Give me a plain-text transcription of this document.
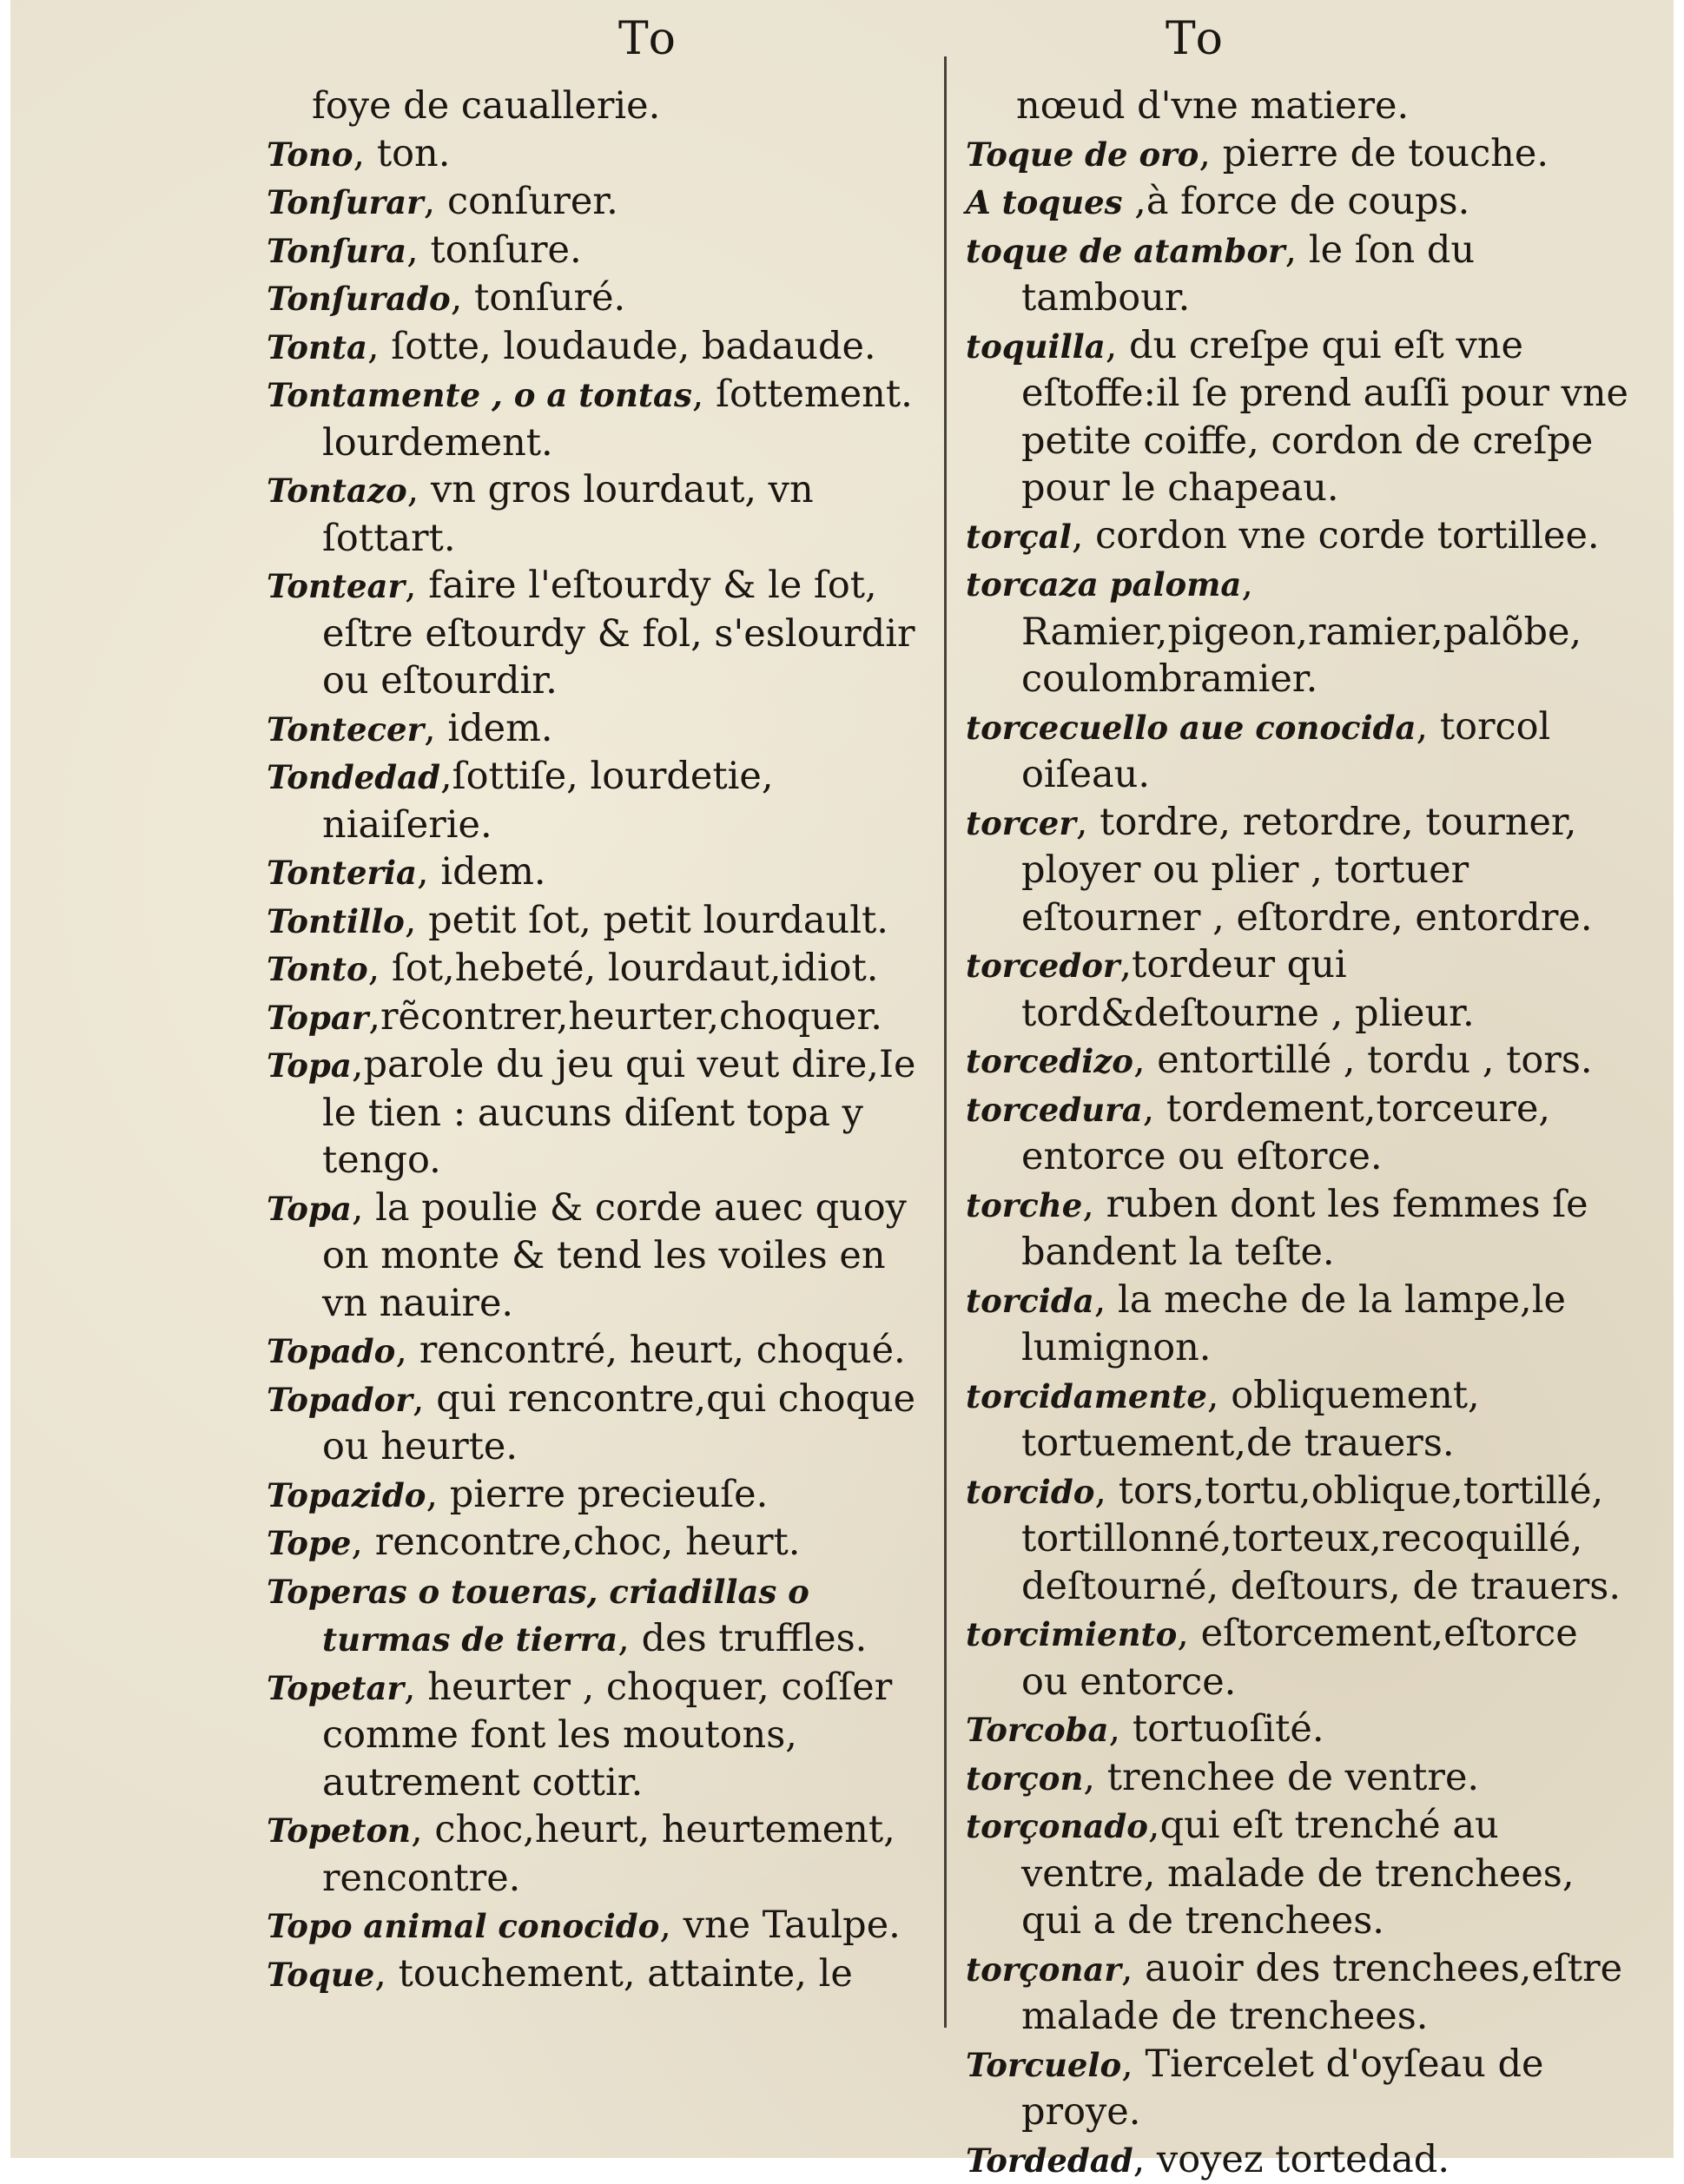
To	To
foye de cauallerie.
Tono, ton.
Tonſurar, conſurer.
Tonſura, tonſure.
Tonſurado, tonſuré.
Tonta, ſotte, loudaude, badaude.
Tontamente , o a tontas, ſottement. lourdement.
Tontazo, vn gros lourdaut, vn ſottart.
Tontear, faire l'eſtourdy & le ſot, eſtre eſtourdy & fol, s'eslourdir ou eſtourdir.
Tontecer, idem.
Tondedad,ſottiſe, lourdetie, niaiſerie.
Tonteria, idem.
Tontillo, petit ſot, petit lourdault.
Tonto, ſot,hebeté, lourdaut,idiot.
Topar,rẽcontrer,heurter,choquer.
Topa,parole du jeu qui veut dire,Ie le tien : aucuns diſent topa y tengo.
Topa, la poulie & corde auec quoy on monte & tend les voiles en vn nauire.
Topado, rencontré, heurt, choqué.
Topador, qui rencontre,qui choque ou heurte.
Topazido, pierre precieuſe.
Tope, rencontre,choc, heurt.
Toperas o toueras, criadillas o turmas de tierra, des truffles.
Topetar, heurter , choquer, coſſer comme font les moutons, autrement cottir.
Topeton, choc,heurt, heurtement, rencontre.
Topo animal conocido, vne Taulpe.
Toque, touchement, attainte, le
nœud d'vne matiere.
Toque de oro, pierre de touche.
A toques ,à force de coups.
toque de atambor, le ſon du tambour.
toquilla, du creſpe qui eſt vne eſtoffe:il ſe prend auſſi pour vne petite coiffe, cordon de creſpe pour le chapeau.
torçal, cordon vne corde tortillee.
torcaza paloma, Ramier,pigeon,ramier,palõbe, coulombramier.
torcecuello aue conocida, torcol oiſeau.
torcer, tordre, retordre, tourner, ployer ou plier , tortuer eſtourner , eſtordre, entordre.
torcedor,tordeur qui tord&deſtourne , plieur.
torcedizo, entortillé , tordu , tors.
torcedura, tordement,torceure, entorce ou eſtorce.
torche, ruben dont les femmes ſe bandent la teſte.
torcida, la meche de la lampe,le lumignon.
torcidamente, obliquement, tortuement,de trauers.
torcido, tors,tortu,oblique,tortillé, tortillonné,torteux,recoquillé, deſtourné, deſtours, de trauers.
torcimiento, eſtorcement,eſtorce ou entorce.
Torcoba, tortuoſité.
torçon, trenchee de ventre.
torçonado,qui eſt trenché au ventre, malade de trenchees, qui a de trenchees.
torçonar, auoir des trenchees,eſtre malade de trenchees.
Torcuelo, Tiercelet d'oyſeau de proye.
Tordedad, voyez tortedad.
